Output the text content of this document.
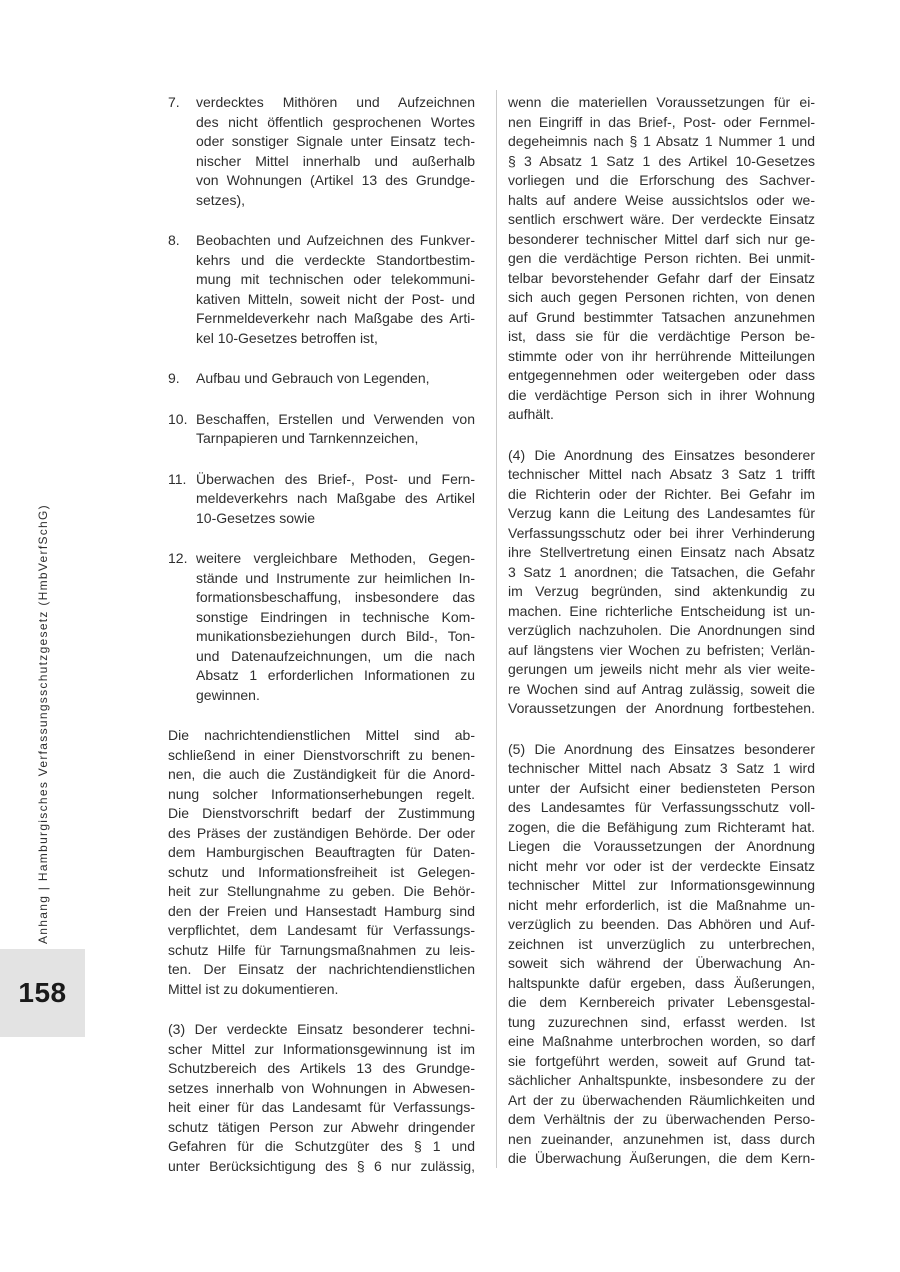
Anhang | Hamburgisches Verfassungsschutzgesetz (HmbVerfSchG)
158
7.	verdecktes Mithören und Aufzeichnen
des nicht öffentlich gesprochenen Wortes
oder sonstiger Signale unter Einsatz tech-
nischer Mittel innerhalb und außerhalb
von Wohnungen (Artikel 13 des Grundge-
setzes),
8.	Beobachten und Aufzeichnen des Funkver-
kehrs und die verdeckte Standortbestim-
mung mit technischen oder telekommuni-
kativen Mitteln, soweit nicht der Post- und
Fernmeldeverkehr nach Maßgabe des Arti-
kel 10-Gesetzes betroffen ist,
9.	Aufbau und Gebrauch von Legenden,
10. Beschaffen, Erstellen und Verwenden von
Tarnpapieren und Tarnkennzeichen,
11. Überwachen des Brief-, Post- und Fern-
meldeverkehrs nach Maßgabe des Artikel
10-Gesetzes sowie
12. weitere vergleichbare Methoden, Gegen-
stände und Instrumente zur heimlichen In-
formationsbeschaffung, insbesondere das
sonstige Eindringen in technische Kom-
munikationsbeziehungen durch Bild-, Ton-
und Datenaufzeichnungen, um die nach
Absatz 1 erforderlichen Informationen zu
gewinnen.
Die nachrichtendienstlichen Mittel sind ab-
schließend in einer Dienstvorschrift zu benen-
nen, die auch die Zuständigkeit für die Anord-
nung solcher Informationserhebungen regelt.
Die Dienstvorschrift bedarf der Zustimmung
des Präses der zuständigen Behörde. Der oder
dem Hamburgischen Beauftragten für Daten-
schutz und Informationsfreiheit ist Gelegen-
heit zur Stellungnahme zu geben. Die Behör-
den der Freien und Hansestadt Hamburg sind
verpflichtet, dem Landesamt für Verfassungs-
schutz Hilfe für Tarnungsmaßnahmen zu leis-
ten. Der Einsatz der nachrichtendienstlichen
Mittel ist zu dokumentieren.
(3) Der verdeckte Einsatz besonderer techni-
scher Mittel zur Informationsgewinnung ist im
Schutzbereich des Artikels 13 des Grundge-
setzes innerhalb von Wohnungen in Abwesen-
heit einer für das Landesamt für Verfassungs-
schutz tätigen Person zur Abwehr dringender
Gefahren für die Schutzgüter des § 1 und
unter Berücksichtigung des § 6 nur zulässig,
wenn die materiellen Voraussetzungen für ei-
nen Eingriff in das Brief-, Post- oder Fernmel-
degeheimnis nach § 1 Absatz 1 Nummer 1 und
§ 3 Absatz 1 Satz 1 des Artikel 10-Gesetzes
vorliegen und die Erforschung des Sachver-
halts auf andere Weise aussichtslos oder we-
sentlich erschwert wäre. Der verdeckte Einsatz
besonderer technischer Mittel darf sich nur ge-
gen die verdächtige Person richten. Bei unmit-
telbar bevorstehender Gefahr darf der Einsatz
sich auch gegen Personen richten, von denen
auf Grund bestimmter Tatsachen anzunehmen
ist, dass sie für die verdächtige Person be-
stimmte oder von ihr herrührende Mitteilungen
entgegennehmen oder weitergeben oder dass
die verdächtige Person sich in ihrer Wohnung
aufhält.
(4) Die Anordnung des Einsatzes besonderer
technischer Mittel nach Absatz 3 Satz 1 trifft
die Richterin oder der Richter. Bei Gefahr im
Verzug kann die Leitung des Landesamtes für
Verfassungsschutz oder bei ihrer Verhinderung
ihre Stellvertretung einen Einsatz nach Absatz
3 Satz 1 anordnen; die Tatsachen, die Gefahr
im Verzug begründen, sind aktenkundig zu
machen. Eine richterliche Entscheidung ist un-
verzüglich nachzuholen. Die Anordnungen sind
auf längstens vier Wochen zu befristen; Verlän-
gerungen um jeweils nicht mehr als vier weite-
re Wochen sind auf Antrag zulässig, soweit die
Voraussetzungen der Anordnung fortbestehen.
(5) Die Anordnung des Einsatzes besonderer
technischer Mittel nach Absatz 3 Satz 1 wird
unter der Aufsicht einer bediensteten Person
des Landesamtes für Verfassungsschutz voll-
zogen, die die Befähigung zum Richteramt hat.
Liegen die Voraussetzungen der Anordnung
nicht mehr vor oder ist der verdeckte Einsatz
technischer Mittel zur Informationsgewinnung
nicht mehr erforderlich, ist die Maßnahme un-
verzüglich zu beenden. Das Abhören und Auf-
zeichnen ist unverzüglich zu unterbrechen,
soweit sich während der Überwachung An-
haltspunkte dafür ergeben, dass Äußerungen,
die dem Kernbereich privater Lebensgestal-
tung zuzurechnen sind, erfasst werden. Ist
eine Maßnahme unterbrochen worden, so darf
sie fortgeführt werden, soweit auf Grund tat-
sächlicher Anhaltspunkte, insbesondere zu der
Art der zu überwachenden Räumlichkeiten und
dem Verhältnis der zu überwachenden Perso-
nen zueinander, anzunehmen ist, dass durch
die Überwachung Äußerungen, die dem Kern-
